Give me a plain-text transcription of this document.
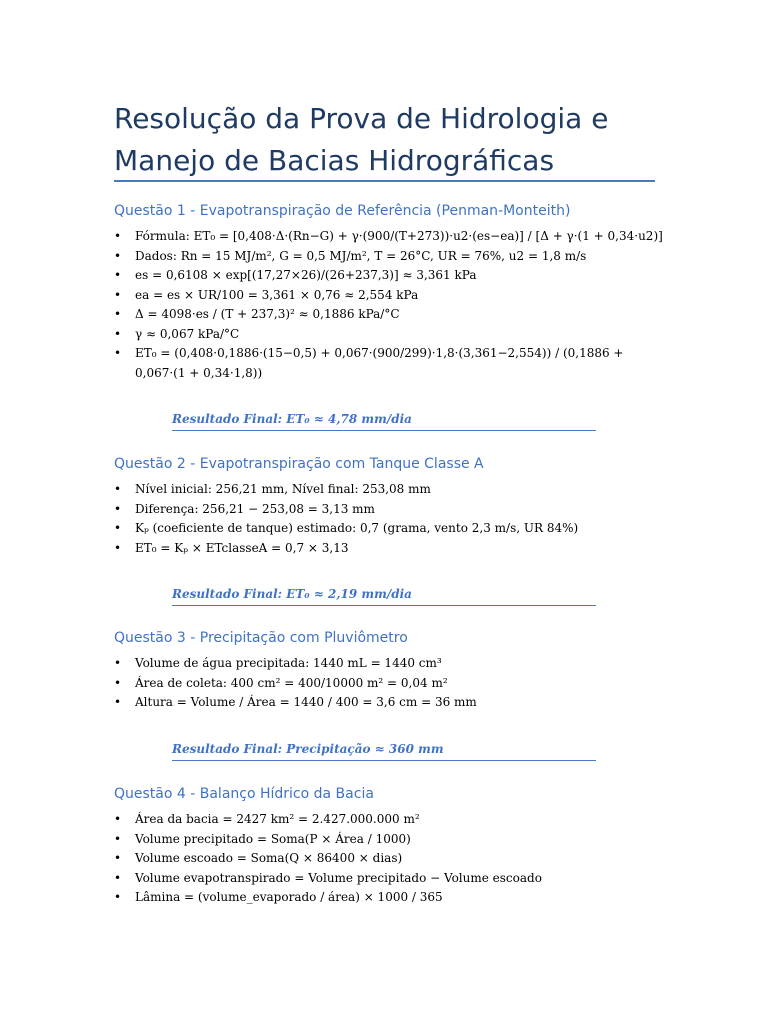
Resolução da Prova de Hidrologia e Manejo de Bacias Hidrográficas
Questão 1 - Evapotranspiração de Referência (Penman-Monteith)
• Fórmula: ET₀ = [0,408·Δ·(Rn−G) + γ·(900/(T+273))·u2·(es−ea)] / [Δ + γ·(1 + 0,34·u2)]
• Dados: Rn = 15 MJ/m², G = 0,5 MJ/m², T = 26°C, UR = 76%, u2 = 1,8 m/s
• es = 0,6108 × exp[(17,27×26)/(26+237,3)] ≈ 3,361 kPa
• ea = es × UR/100 = 3,361 × 0,76 ≈ 2,554 kPa
• Δ = 4098·es / (T + 237,3)² ≈ 0,1886 kPa/°C
• γ ≈ 0,067 kPa/°C
• ET₀ = (0,408·0,1886·(15−0,5) + 0,067·(900/299)·1,8·(3,361−2,554)) / (0,1886 + 0,067·(1 + 0,34·1,8))
Resultado Final: ET₀ ≈ 4,78 mm/dia
Questão 2 - Evapotranspiração com Tanque Classe A
• Nível inicial: 256,21 mm, Nível final: 253,08 mm
• Diferença: 256,21 − 253,08 = 3,13 mm
• Kₚ (coeficiente de tanque) estimado: 0,7 (grama, vento 2,3 m/s, UR 84%)
• ET₀ = Kₚ × ETclasseA = 0,7 × 3,13
Resultado Final: ET₀ ≈ 2,19 mm/dia
Questão 3 - Precipitação com Pluviômetro
• Volume de água precipitada: 1440 mL = 1440 cm³
• Área de coleta: 400 cm² = 400/10000 m² = 0,04 m²
• Altura = Volume / Área = 1440 / 400 = 3,6 cm = 36 mm
Resultado Final: Precipitação ≈ 360 mm
Questão 4 - Balanço Hídrico da Bacia
• Área da bacia = 2427 km² = 2.427.000.000 m²
• Volume precipitado = Soma(P × Área / 1000)
• Volume escoado = Soma(Q × 86400 × dias)
• Volume evapotranspirado = Volume precipitado − Volume escoado
• Lâmina = (volume_evaporado / área) × 1000 / 365
